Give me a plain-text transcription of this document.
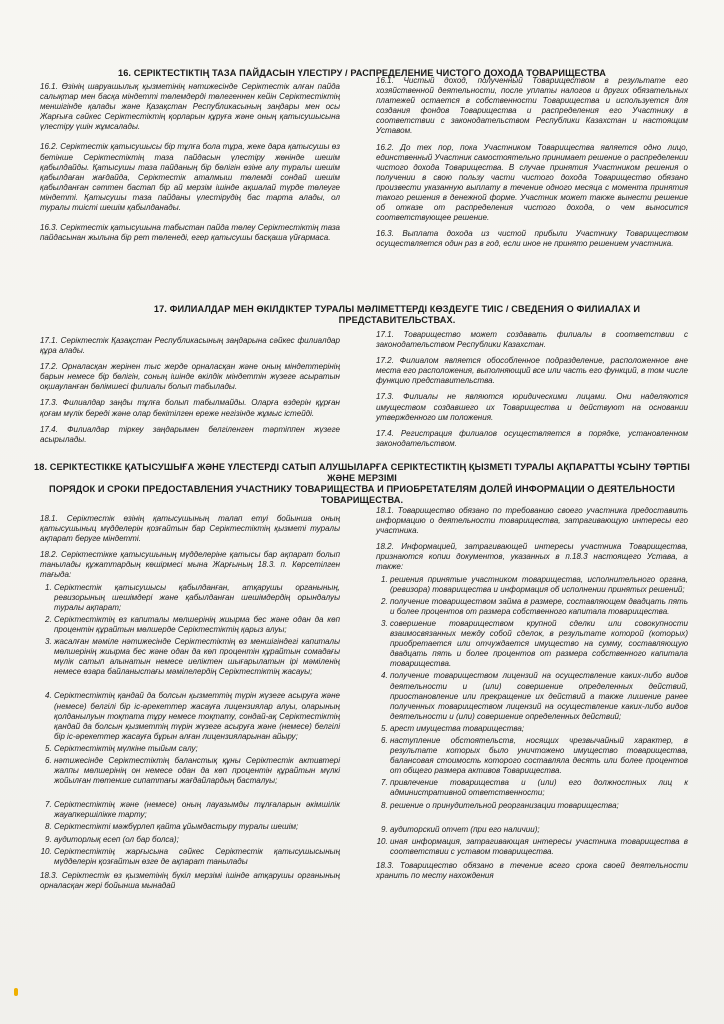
16. СЕРІКТЕСТІКТІҢ ТАЗА ПАЙДАСЫН ҮЛЕСТІРУ / РАСПРЕДЕЛЕНИЕ ЧИСТОГО ДОХОДА ТОВАРИЩЕСТВА

16.1. Өзінің шаруашылық қызметінің нәтижесінде Серіктестік алған пайда салықтар мен басқа міндетті төлемдерді төлегеннен кейін Серіктестіктің меншігінде қалады және Қазақстан Республикасының заңдары мен осы Жарғыға сәйкес Серіктестіктің қорларын құруға және оның қатысушысына үлестіру үшін жұмсалады.

16.2. Серіктестік қатысушысы бір тұлға бола тұра, жеке дара қатысушы өз бетінше Серіктестіктің таза пайдасын үлестіру жөнінде шешім қабылдайды. Қатысушы таза пайданың бір бөлігін өзіне алу туралы шешім қабылдаған жағдайда, Серіктестік аталмыш төлемді сондай шешім қабылданған сәттен бастап бір ай мерзім ішінде ақшалай түрде төлеуге міндетті. Қатысушы таза пайданы үлестірудің бас тарта алады, ол туралы тиісті шешім қабылданады.

16.3. Серіктестік қатысушына табыстан пайда төлеу Серіктестіктің таза пайдасынан жылына бір рет төленеді, егер қатысушы басқаша үйғармаса.

16.1. Чистый доход, полученный Товариществом в результате его хозяйственной деятельности, после уплаты налогов и других обязательных платежей остается в собственности Товарищества и используется для создания фондов Товарищества и распределения его Участнику в соответствии с законодательством Республики Казахстан и настоящим Уставом.

16.2. До тех пор, пока Участником Товарищества является одно лицо, единственный Участник самостоятельно принимает решение о распределении чистого дохода Товарищества. В случае принятия Участником решения о получении в свою пользу части чистого дохода Товарищество обязано произвести указанную выплату в течение одного месяца с момента принятия такого решения в денежной форме. Участник может также вынести решение об отказе от распределения чистого дохода, о чем выносится соответствующее решение.

16.3. Выплата дохода из чистой прибыли Участнику Товариществом осуществляется один раз в год, если иное не принято решением участника.

17. ФИЛИАЛДАР МЕН ӨКІЛДІКТЕР ТУРАЛЫ МӘЛІМЕТТЕРДІ КӨЗДЕУГЕ ТИІС / СВЕДЕНИЯ О ФИЛИАЛАХ И ПРЕДСТАВИТЕЛЬСТВАХ.

17.1. Серіктестік Қазақстан Республикасының заңдарына сәйкес филиалдар құра алады.

17.2. Орналасқан жерінен тыс жерде орналасқан және оның міндеттерінің барын немесе бір бөлігін, соның ішінде өкілдік міндеттін жүзеге асыратын оқшауланған бөлімшесі филиалы болып табылады.

17.3. Филиалдар заңды тұлға болып табылмайды. Оларға өздерін құрған қоғам мүлік береді және олар бекітілген ереже негізінде жұмыс істейді.

17.4. Филиалдар тіркеу заңдарымен белгіленген тәртіппен жүзеге асырылады.

17.1. Товарищество может создавать филиалы в соответствии с законодательством Республики Казахстан.

17.2. Филиалом является обособленное подразделение, расположенное вне места его расположения, выполняющий все или часть его функций, в том числе функцию представительства.

17.3. Филиалы не являются юридическими лицами. Они наделяются имуществом создавшего их Товарищества и действуют на основании утвержденного им положения.

17.4. Регистрация филиалов осуществляется в порядке, установленном законодательством.

18. СЕРІКТЕСТІККЕ ҚАТЫСУШЫҒА ЖӘНЕ ҮЛЕСТЕРДІ САТЫП АЛУШЫЛАРҒА СЕРІКТЕСТІКТІҢ ҚЫЗМЕТІ ТУРАЛЫ АҚПАРАТТЫ ҰСЫНУ ТӘРТІБІ ЖӘНЕ МЕРЗІМІ
ПОРЯДОК И СРОКИ ПРЕДОСТАВЛЕНИЯ УЧАСТНИКУ ТОВАРИЩЕСТВА И ПРИОБРЕТАТЕЛЯМ ДОЛЕЙ ИНФОРМАЦИИ О ДЕЯТЕЛЬНОСТИ ТОВАРИЩЕСТВА.

18.1. Серіктестік өзінің қатысушының талап етуі бойынша оның қатысушыныц мүдделерін қозғайтын бар Серіктестіктің қызметі туралы ақпарат беруге міндетті.

18.2. Серіктестікке қатысушының мүдделеріне қатысы бар ақпарат болып танылады құжаттардың көшірмесі мына Жарғының 18.3. п. Көрсетілген тағыда:

1. Серіктестік қатысушысы қабылданған, атқарушы органының, ревизорының шешімдері және қабылданған шешімдердің орындалуы туралы ақпарат;
2. Серіктестіктің өз капиталы мөлшерінің жиырма бес және одан да көп процентін құрайтын мөлшерде Серіктестіктің қарыз алуы;
3. жасалған мәміле нәтижесінде Серіктестіктің өз меншігіндегі капиталы мөлшерінің жиырма бес және одан да көп процентін құрайтын сомадағы мүлік сатып алынатын немесе иеліктен шығарылатын ірі мәміленің немесе өзара байланыстағы мәмілелердің Серіктестіктің жасауы;
4. Серіктестіктің қандай да болсын қызметтің түрін жүзеге асыруға және (немесе) белгілі бір іс-әрекеттер жасауға лицензиялар алуы, оларының қолданылуын тоқтата тұру немесе тоқтату, сондай-ақ Серіктестіктің қандай да болсын қызметтің түрін жүзеге асыруға және (немесе) белгілі бір іс-әрекеттер жасауға бұрын алған лицензияларынан айыру;
5. Серіктестіктің мүлкіне тыйым салу;
6. нәтижесінде Серіктестіктің баланстық құны Серіктестік активтері жалпы мөлшерінің он немесе одан да көп процентін құрайтын мүлкі жойылған төтенше сипаттағы жағдайлардың басталуы;
7. Серіктестіктің және (немесе) оның лауазымды тұлғаларын әкімшілік жауапкершілікке тарту;
8. Серіктестікті мәжбүрлеп қайта ұйымдастыру туралы шешім;
9. аудиторлық есеп (ол бар болса);
10. Серіктестіктің жарғысына сәйкес Серіктестік қатысушысының мүдделерін қозғайтын өзге де ақпарат танылады

18.3. Серіктестік өз қызметінің бүкіл мерзімі ішінде атқарушы органының орналасқан жері бойынша мынадай

18.1. Товарищество обязано по требованию своего участника предоставить информацию о деятельности товарищества, затрагивающую интересы его участника.

18.2. Информацией, затрагивающей интересы участника Товарищества, признаются копии документов, указанных в п.18.3 настоящего Устава, а также:

1. решения принятые участником товарищества, исполнительного органа, (ревизора) товарищества и информация об исполнении принятых решений;
2. получение товариществом займа в размере, составляющем двадцать пять и более процентов от размера собственного капитала товарищества.
3. совершение товариществом крупной сделки или совокупности взаимосвязанных между собой сделок, в результате которой (которых) приобретается или отчуждается имущество на сумму, составляющую двадцать пять и более процентов от размера собственного капитала товарищества.
4. получение товариществом лицензий на осуществление каких-либо видов деятельности и (или) совершение определенных действий, приостановление или прекращение их действий а также лишение ранее полученных товариществом лицензий на осуществление каких-либо видов деятельности и (или) совершение определенных действий;
5. арест имущества товарищества;
6. наступление обстоятельств, носящих чрезвычайный характер, в результате которых было уничтожено имущество товарищества, балансовая стоимость которого составляла десять или более процентов от общего размера активов Товарищества.
7. привлечение товарищества и (или) его должностных лиц к административной ответственности;
8. решение о принудительной реорганизации товарищества;
9. аудиторский отчет (при его наличии);
10. иная информация, затрагивающая интересы участника товарищества в соответствии с уставом товарищества.

18.3. Товарищество обязано в течение всего срока своей деятельности хранить по месту нахождения
